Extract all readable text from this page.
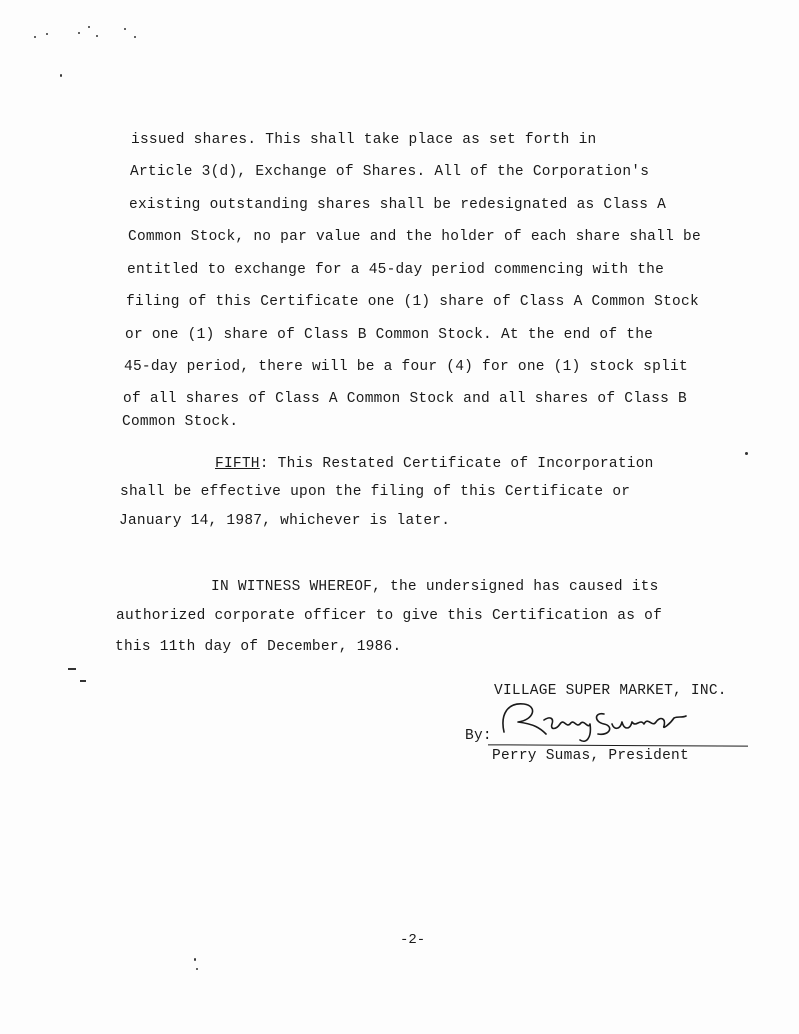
issued shares. This shall take place as set forth in
Article 3(d), Exchange of Shares. All of the Corporation's
existing outstanding shares shall be redesignated as Class A
Common Stock, no par value and the holder of each share shall be
entitled to exchange for a 45-day period commencing with the
filing of this Certificate one (1) share of Class A Common Stock
or one (1) share of Class B Common Stock. At the end of the
45-day period, there will be a four (4) for one (1) stock split
of all shares of Class A Common Stock and all shares of Class B
Common Stock.
FIFTH: This Restated Certificate of Incorporation
shall be effective upon the filing of this Certificate or
January 14, 1987, whichever is later.
IN WITNESS WHEREOF, the undersigned has caused its
authorized corporate officer to give this Certification as of
this 11th day of December, 1986.
VILLAGE SUPER MARKET, INC.
By:
Perry Sumas, President
-2-
